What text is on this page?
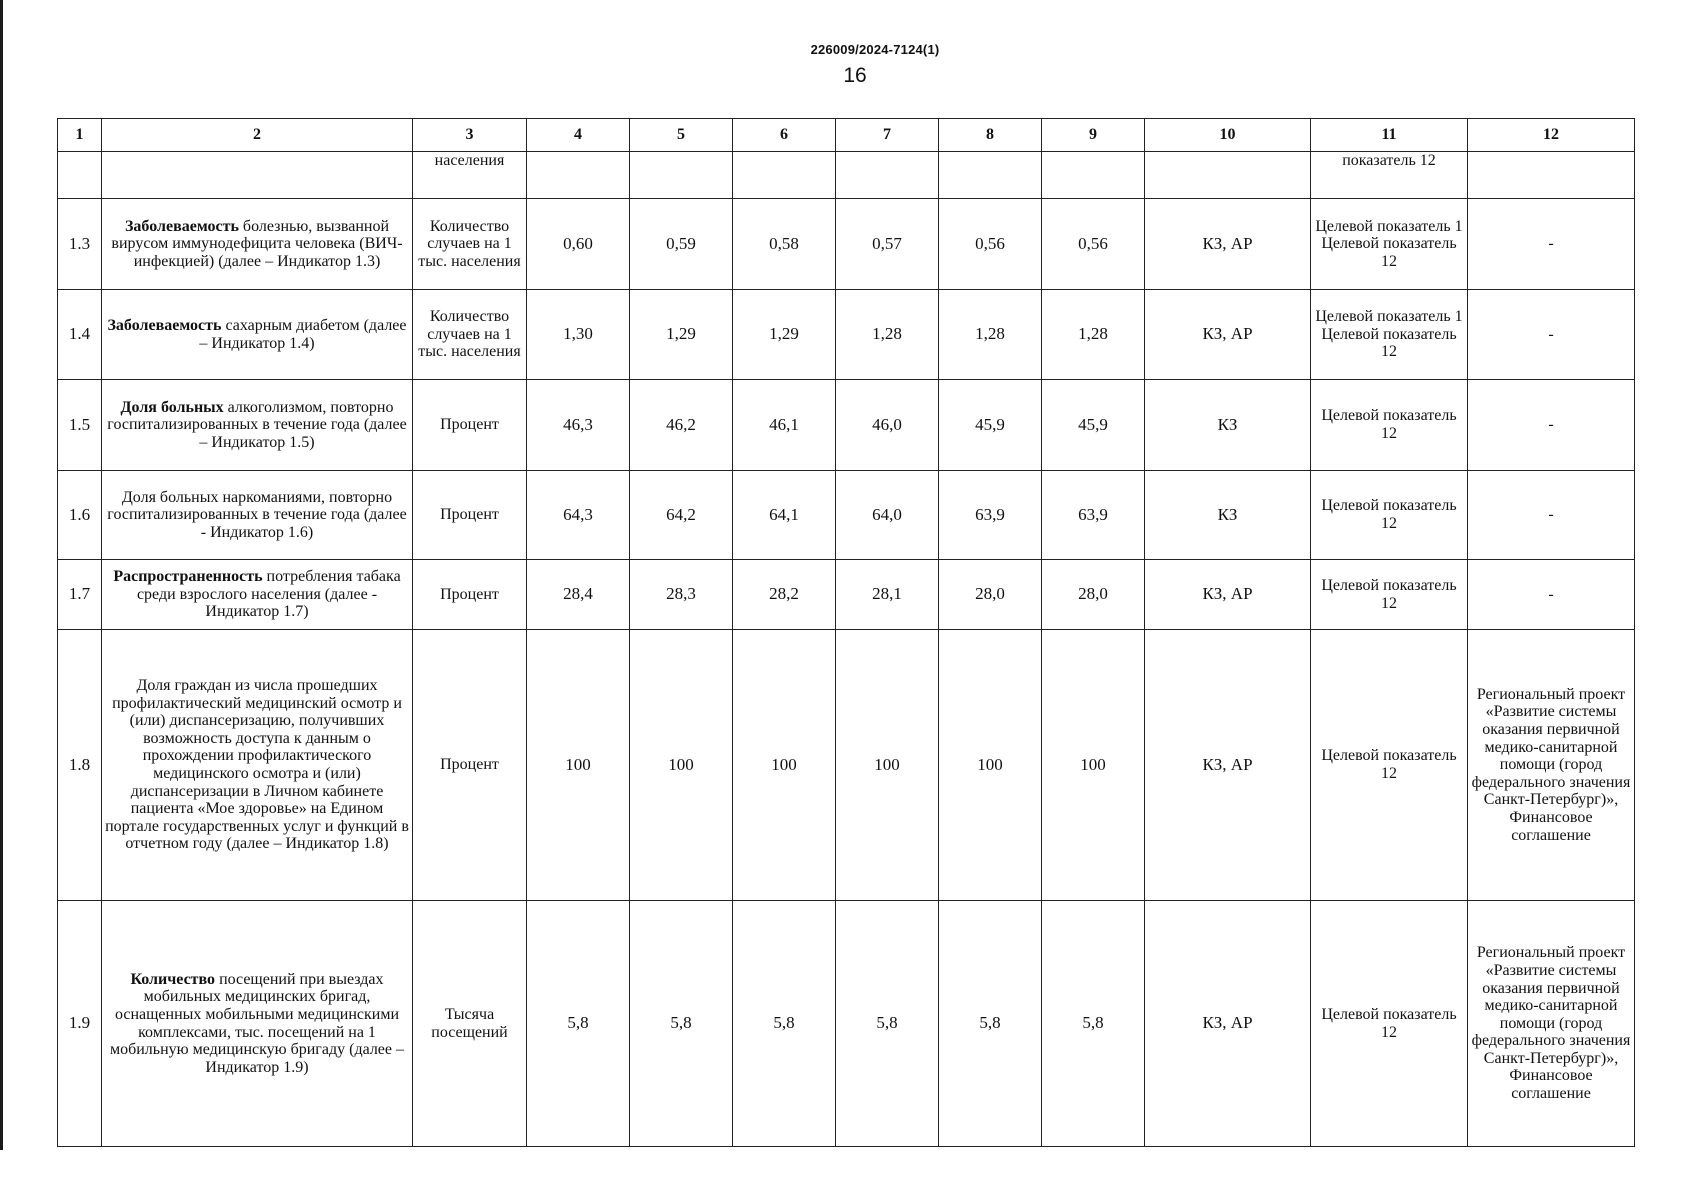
226009/2024-7124(1)
16
1	2	3	4	5	6	7	8	9	10	11	12
		населения								показатель 12	
1.3	Заболеваемость болезнью, вызванной вирусом иммунодефицита человека (ВИЧ-инфекцией) (далее – Индикатор 1.3)	Количество случаев на 1 тыс. населения	0,60	0,59	0,58	0,57	0,56	0,56	КЗ, АР	Целевой показатель 1 Целевой показатель 12	-
1.4	Заболеваемость сахарным диабетом (далее – Индикатор 1.4)	Количество случаев на 1 тыс. населения	1,30	1,29	1,29	1,28	1,28	1,28	КЗ, АР	Целевой показатель 1 Целевой показатель 12	-
1.5	Доля больных алкоголизмом, повторно госпитализированных в течение года (далее – Индикатор 1.5)	Процент	46,3	46,2	46,1	46,0	45,9	45,9	КЗ	Целевой показатель 12	-
1.6	Доля больных наркоманиями, повторно госпитализированных в течение года (далее - Индикатор 1.6)	Процент	64,3	64,2	64,1	64,0	63,9	63,9	КЗ	Целевой показатель 12	-
1.7	Распространенность потребления табака среди взрослого населения (далее - Индикатор 1.7)	Процент	28,4	28,3	28,2	28,1	28,0	28,0	КЗ, АР	Целевой показатель 12	-
1.8	Доля граждан из числа прошедших профилактический медицинский осмотр и (или) диспансеризацию, получивших возможность доступа к данным о прохождении профилактического медицинского осмотра и (или) диспансеризации в Личном кабинете пациента «Мое здоровье» на Едином портале государственных услуг и функций в отчетном году (далее – Индикатор 1.8)	Процент	100	100	100	100	100	100	КЗ, АР	Целевой показатель 12	Региональный проект «Развитие системы оказания первичной медико-санитарной помощи (город федерального значения Санкт-Петербург)», Финансовое соглашение
1.9	Количество посещений при выездах мобильных медицинских бригад, оснащенных мобильными медицинскими комплексами, тыс. посещений на 1 мобильную медицинскую бригаду (далее – Индикатор 1.9)	Тысяча посещений	5,8	5,8	5,8	5,8	5,8	5,8	КЗ, АР	Целевой показатель 12	Региональный проект «Развитие системы оказания первичной медико-санитарной помощи (город федерального значения Санкт-Петербург)», Финансовое соглашение
